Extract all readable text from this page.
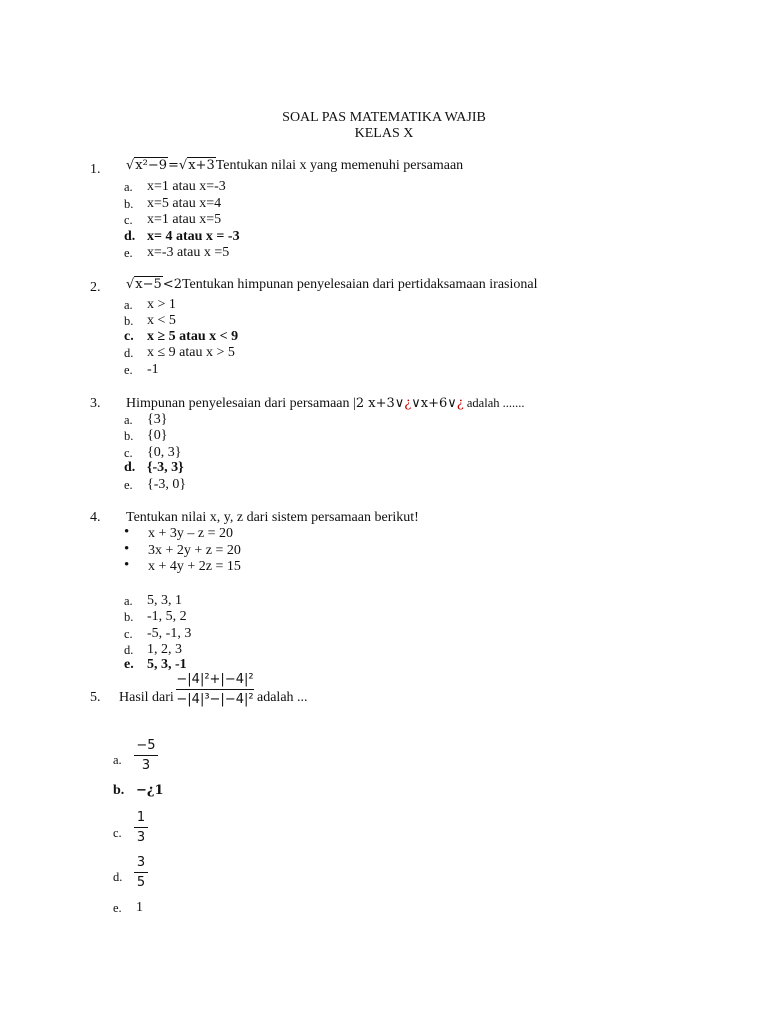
SOAL PAS MATEMATIKA WAJIB
KELAS X
1. √x²−9=√x+3Tentukan nilai x yang memenuhi persamaan
a. x=1 atau x=-3
b. x=5 atau x=4
c. x=1 atau x=5
d. x= 4 atau x = -3
e. x=-3 atau x =5
2. √x−5<2Tentukan himpunan penyelesaian dari pertidaksamaan irasional
a. x > 1
b. x < 5
c. x ≥ 5 atau x < 9
d. x ≤ 9 atau x > 5
e. -1
3. Himpunan penyelesaian dari persamaan |2 x+3∨¿∨x+6∨¿ adalah .......
a. {3}
b. {0}
c. {0, 3}
d. {-3, 3}
e. {-3, 0}
4. Tentukan nilai x, y, z dari sistem persamaan berikut!
• x + 3y – z = 20
• 3x + 2y + z = 20
• x + 4y + 2z = 15
a. 5, 3, 1
b. -1, 5, 2
c. -5, -1, 3
d. 1, 2, 3
e. 5, 3, -1
5. Hasil dari
−|4|²+|−4|²
−|4|³−|−4|² adalah ...
a.
−5
3
b. −¿1
c.
1
3
d.
3
5
e. 1
